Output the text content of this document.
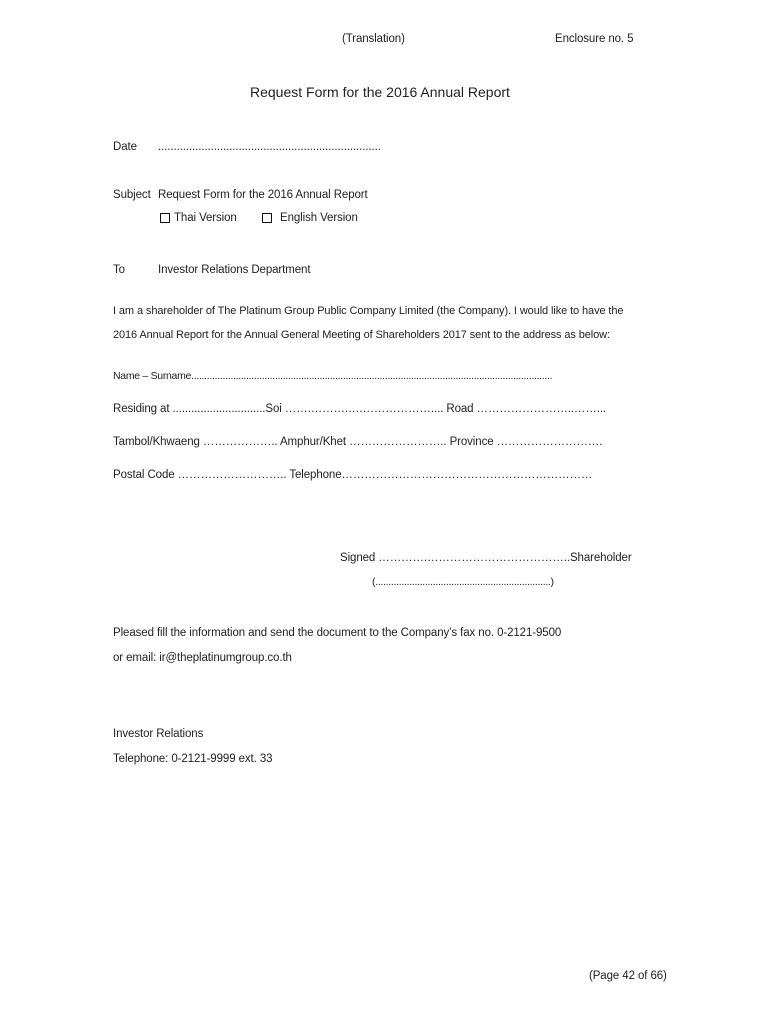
(Translation)	Enclosure no. 5
Request Form for the 2016 Annual Report
Date ........................................................................
Subject Request Form for the 2016 Annual Report
Thai Version	English Version
To	Investor Relations Department
I am a shareholder of The Platinum Group Public Company Limited (the Company). I would like to have the
2016 Annual Report for the Annual General Meeting of Shareholders 2017 sent to the address as below:
Name – Surname..........................................................................................................................................
Residing at ..............................Soi …….……….….……………….... Road ……………………..……...
Tambol/Khwaeng ……………….. Amphur/Khet …………………….. Province ……………………….
Postal Code ……………………….. Telephone…………………………………………………………
Signed ………….………………………………..Shareholder
(...................................................................)
Pleased fill the information and send the document to the Company’s fax no. 0-2121-9500
or email: ir@theplatinumgroup.co.th
Investor Relations
Telephone: 0-2121-9999 ext. 33
(Page 42 of 66)
